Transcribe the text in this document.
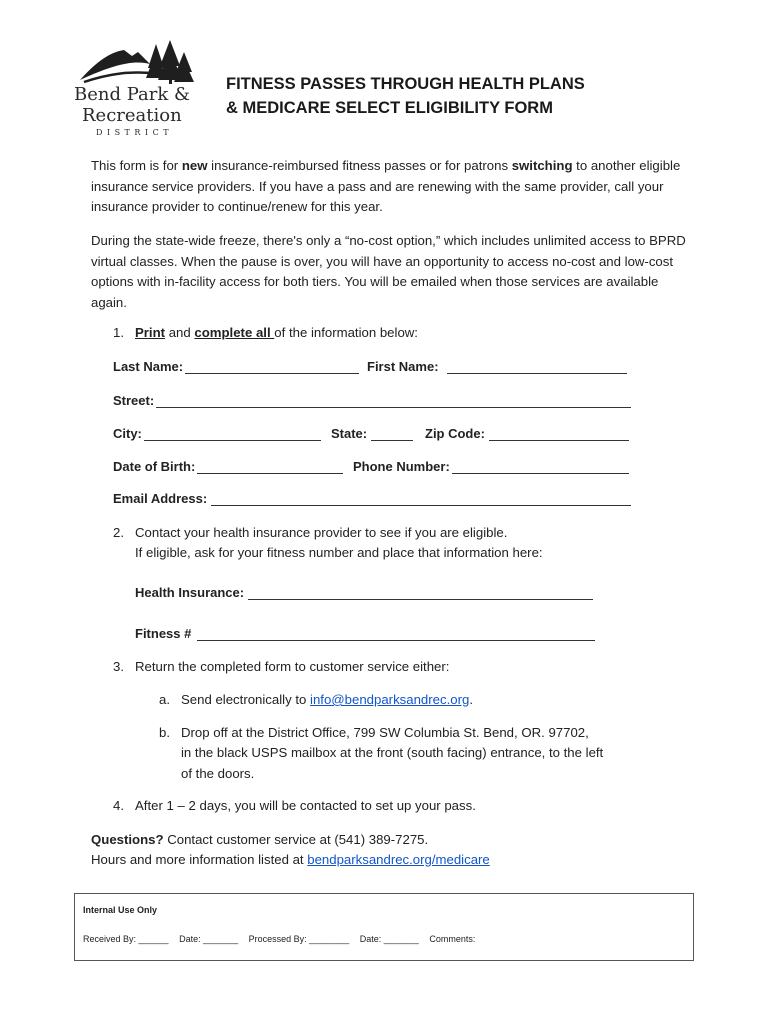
Bend Park &
Recreation
DISTRICT
FITNESS PASSES THROUGH HEALTH PLANS
& MEDICARE SELECT ELIGIBILITY FORM
This form is for new insurance-reimbursed fitness passes or for patrons switching to another eligible insurance service providers. If you have a pass and are renewing with the same provider, call your insurance provider to continue/renew for this year.
During the state-wide freeze, there's only a “no-cost option,” which includes unlimited access to BPRD virtual classes. When the pause is over, you will have an opportunity to access no-cost and low-cost options with in-facility access for both tiers. You will be emailed when those services are available again.
1. Print and complete all of the information below:
Last Name:	First Name:
Street:
City:	State:	Zip Code:
Date of Birth:	Phone Number:
Email Address:
2. Contact your health insurance provider to see if you are eligible.
If eligible, ask for your fitness number and place that information here:
Health Insurance:
Fitness #
3. Return the completed form to customer service either:
a. Send electronically to info@bendparksandrec.org.
b. Drop off at the District Office, 799 SW Columbia St. Bend, OR. 97702,
in the black USPS mailbox at the front (south facing) entrance, to the left
of the doors.
4. After 1 – 2 days, you will be contacted to set up your pass.
Questions? Contact customer service at (541) 389-7275.
Hours and more information listed at bendparksandrec.org/medicare
Internal Use Only
Received By: ______ Date: _______ Processed By: ________ Date: _______ Comments:
